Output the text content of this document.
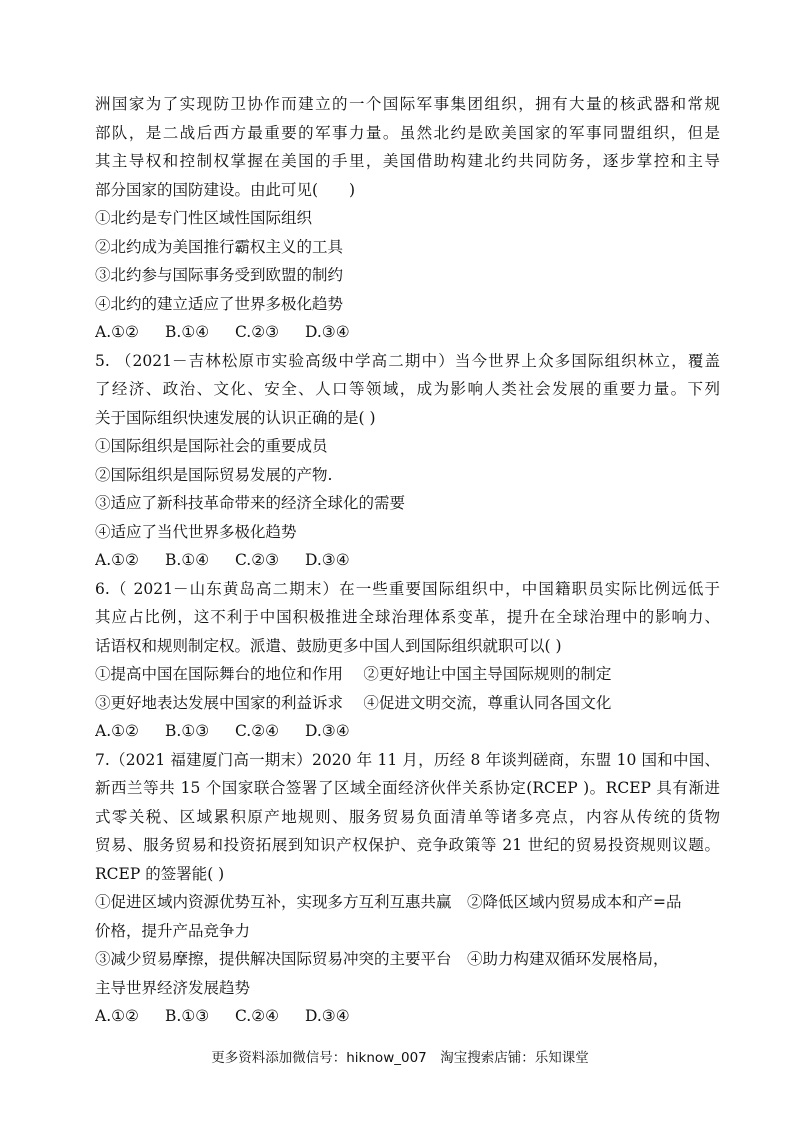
洲国家为了实现防卫协作而建立的一个国际军事集团组织，拥有大量的核武器和常规
部队，是二战后西方最重要的军事力量。虽然北约是欧美国家的军事同盟组织，但是
其主导权和控制权掌握在美国的手里，美国借助构建北约共同防务，逐步掌控和主导
部分国家的国防建设。由此可见(　　)
①北约是专门性区域性国际组织
②北约成为美国推行霸权主义的工具
③北约参与国际事务受到欧盟的制约
④北约的建立适应了世界多极化趋势
A.①②	B.①④	C.②③	D.③④
5. （2021－吉林松原市实验高级中学高二期中）当今世界上众多国际组织林立，覆盖
了经济、政治、文化、安全、人口等领域，成为影响人类社会发展的重要力量。下列
关于国际组织快速发展的认识正确的是( )
①国际组织是国际社会的重要成员
②国际组织是国际贸易发展的产物.
③适应了新科技革命带来的经济全球化的需要
④适应了当代世界多极化趋势
A.①②	B.①④	C.②③	D.③④
6.（ 2021－山东黄岛高二期末）在一些重要国际组织中，中国籍职员实际比例远低于
其应占比例，这不利于中国积极推进全球治理体系变革，提升在全球治理中的影响力、
话语权和规则制定权。派遣、鼓励更多中国人到国际组织就职可以( )
①提高中国在国际舞台的地位和作用　 ②更好地让中国主导国际规则的制定
③更好地表达发展中国家的利益诉求　 ④促进文明交流，尊重认同各国文化
A.①②	B.①③	C.②④	D.③④
7.（2021 福建厦门高一期末）2020 年 11 月，历经 8 年谈判磋商，东盟 10 国和中国、
新西兰等共 15 个国家联合签署了区域全面经济伙伴关系协定(RCEP )。RCEP 具有渐进
式零关税、区域累积原产地规则、服务贸易负面清单等诸多亮点，内容从传统的货物
贸易、服务贸易和投资拓展到知识产权保护、竞争政策等 21 世纪的贸易投资规则议题。
RCEP 的签署能( )
①促进区域内资源优势互补，实现多方互利互惠共赢　②降低区域内贸易成本和产=品
价格，提升产品竞争力
③减少贸易摩擦，提供解决国际贸易冲突的主要平台　④助力构建双循环发展格局，
主导世界经济发展趋势
A.①②	B.①③	C.②④	D.③④
更多资料添加微信号：hiknow_007　淘宝搜索店铺：乐知课堂
